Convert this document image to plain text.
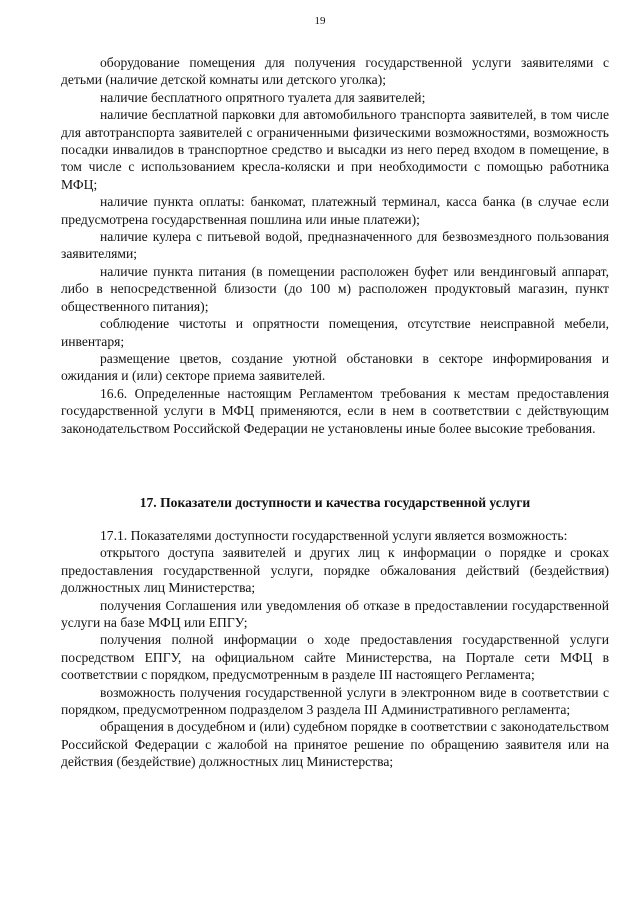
19

оборудование помещения для получения государственной услуги заявителями с детьми (наличие детской комнаты или детского уголка);

наличие бесплатного опрятного туалета для заявителей;

наличие бесплатной парковки для автомобильного транспорта заявителей, в том числе для автотранспорта заявителей с ограниченными физическими возможностями, возможность посадки инвалидов в транспортное средство и высадки из него перед входом в помещение, в том числе с использованием кресла-коляски и при необходимости с помощью работника МФЦ;

наличие пункта оплаты: банкомат, платежный терминал, касса банка (в случае если предусмотрена государственная пошлина или иные платежи);

наличие кулера с питьевой водой, предназначенного для безвозмездного пользования заявителями;

наличие пункта питания (в помещении расположен буфет или вендинговый аппарат, либо в непосредственной близости (до 100 м) расположен продуктовый магазин, пункт общественного питания);

соблюдение чистоты и опрятности помещения, отсутствие неисправной мебели, инвентаря;

размещение цветов, создание уютной обстановки в секторе информирования и ожидания и (или) секторе приема заявителей.

16.6. Определенные настоящим Регламентом требования к местам предоставления государственной услуги в МФЦ применяются, если в нем в соответствии с действующим законодательством Российской Федерации не установлены иные более высокие требования.

17. Показатели доступности и качества государственной услуги

17.1. Показателями доступности государственной услуги является возможность:

открытого доступа заявителей и других лиц к информации о порядке и сроках предоставления государственной услуги, порядке обжалования действий (бездействия) должностных лиц Министерства;

получения Соглашения или уведомления об отказе в предоставлении государственной услуги на базе МФЦ или ЕПГУ;

получения полной информации о ходе предоставления государственной услуги посредством ЕПГУ, на официальном сайте Министерства, на Портале сети МФЦ в соответствии с порядком, предусмотренным в разделе III настоящего Регламента;

возможность получения государственной услуги в электронном виде в соответствии с порядком, предусмотренном подразделом 3 раздела III Административного регламента;

обращения в досудебном и (или) судебном порядке в соответствии с законодательством Российской Федерации с жалобой на принятое решение по обращению заявителя или на действия (бездействие) должностных лиц Министерства;
